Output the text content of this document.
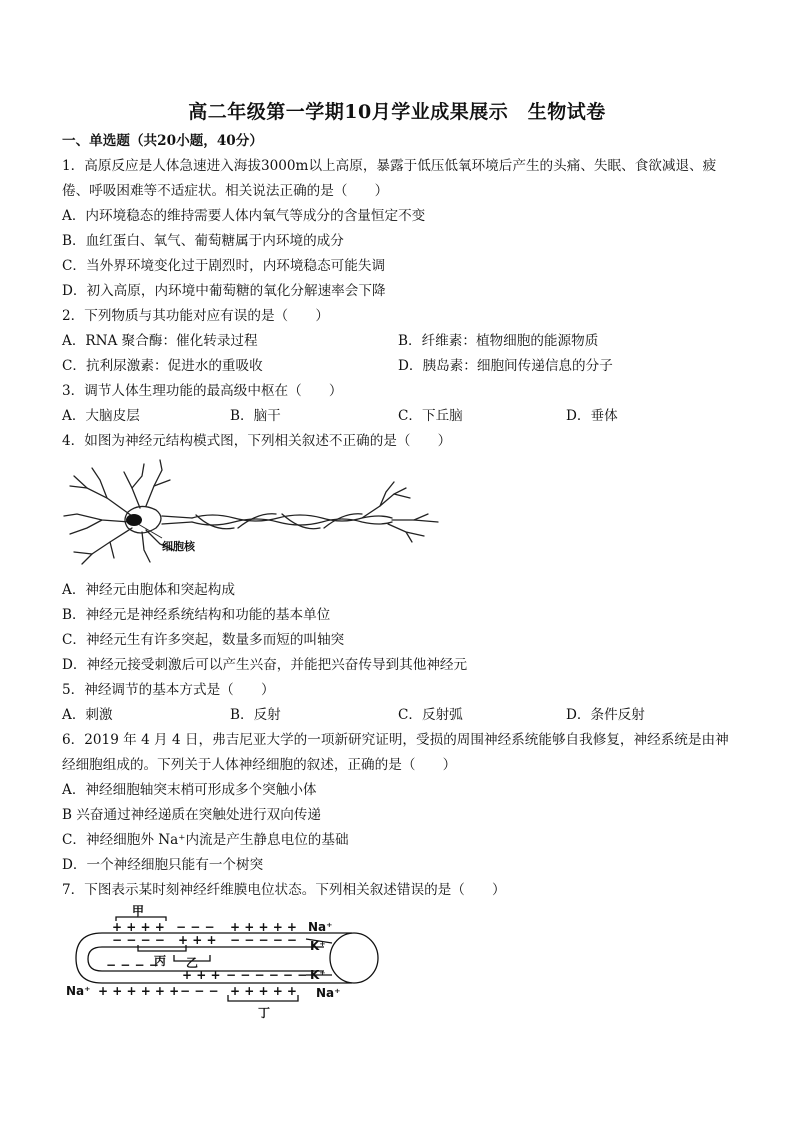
高二年级第一学期10月学业成果展示　生物试卷
一、单选题（共20小题，40分）
1．高原反应是人体急速进入海拔3000m以上高原，暴露于低压低氧环境后产生的头痛、失眠、食欲减退、疲
倦、呼吸困难等不适症状。相关说法正确的是（　　）
A．内环境稳态的维持需要人体内氧气等成分的含量恒定不变
B．血红蛋白、氧气、葡萄糖属于内环境的成分
C．当外界环境变化过于剧烈时，内环境稳态可能失调
D．初入高原，内环境中葡萄糖的氧化分解速率会下降
2．下列物质与其功能对应有误的是（　　）
A．RNA 聚合酶：催化转录过程	B．纤维素：植物细胞的能源物质
C．抗利尿激素：促进水的重吸收	D．胰岛素：细胞间传递信息的分子
3．调节人体生理功能的最高级中枢在（　　）
A．大脑皮层	B．脑干	C．下丘脑	D．垂体
4．如图为神经元结构模式图，下列相关叙述不正确的是（　　）
细胞核
A．神经元由胞体和突起构成
B．神经元是神经系统结构和功能的基本单位
C．神经元生有许多突起，数量多而短的叫轴突
D．神经元接受刺激后可以产生兴奋，并能把兴奋传导到其他神经元
5．神经调节的基本方式是（　　）
A．刺激	B．反射	C．反射弧	D．条件反射
6．2019 年 4 月 4 日，弗吉尼亚大学的一项新研究证明，受损的周围神经系统能够自我修复，神经系统是由神
经细胞组成的。下列关于人体神经细胞的叙述，正确的是（　　）
A．神经细胞轴突末梢可形成多个突触小体
B 兴奋通过神经递质在突触处进行双向传递
C．神经细胞外 Na⁺内流是产生静息电位的基础
D．一个神经细胞只能有一个树突
7．下图表示某时刻神经纤维膜电位状态。下列相关叙述错误的是（　　）
甲
+ + + + − − − + + + + + Na⁺
− − − − + + + − − − − − K⁺
丙 乙
− − − −
+ + + − − − − − − K⁺
Na⁺ + + + + + + − − − + + + + + Na⁺
丁
